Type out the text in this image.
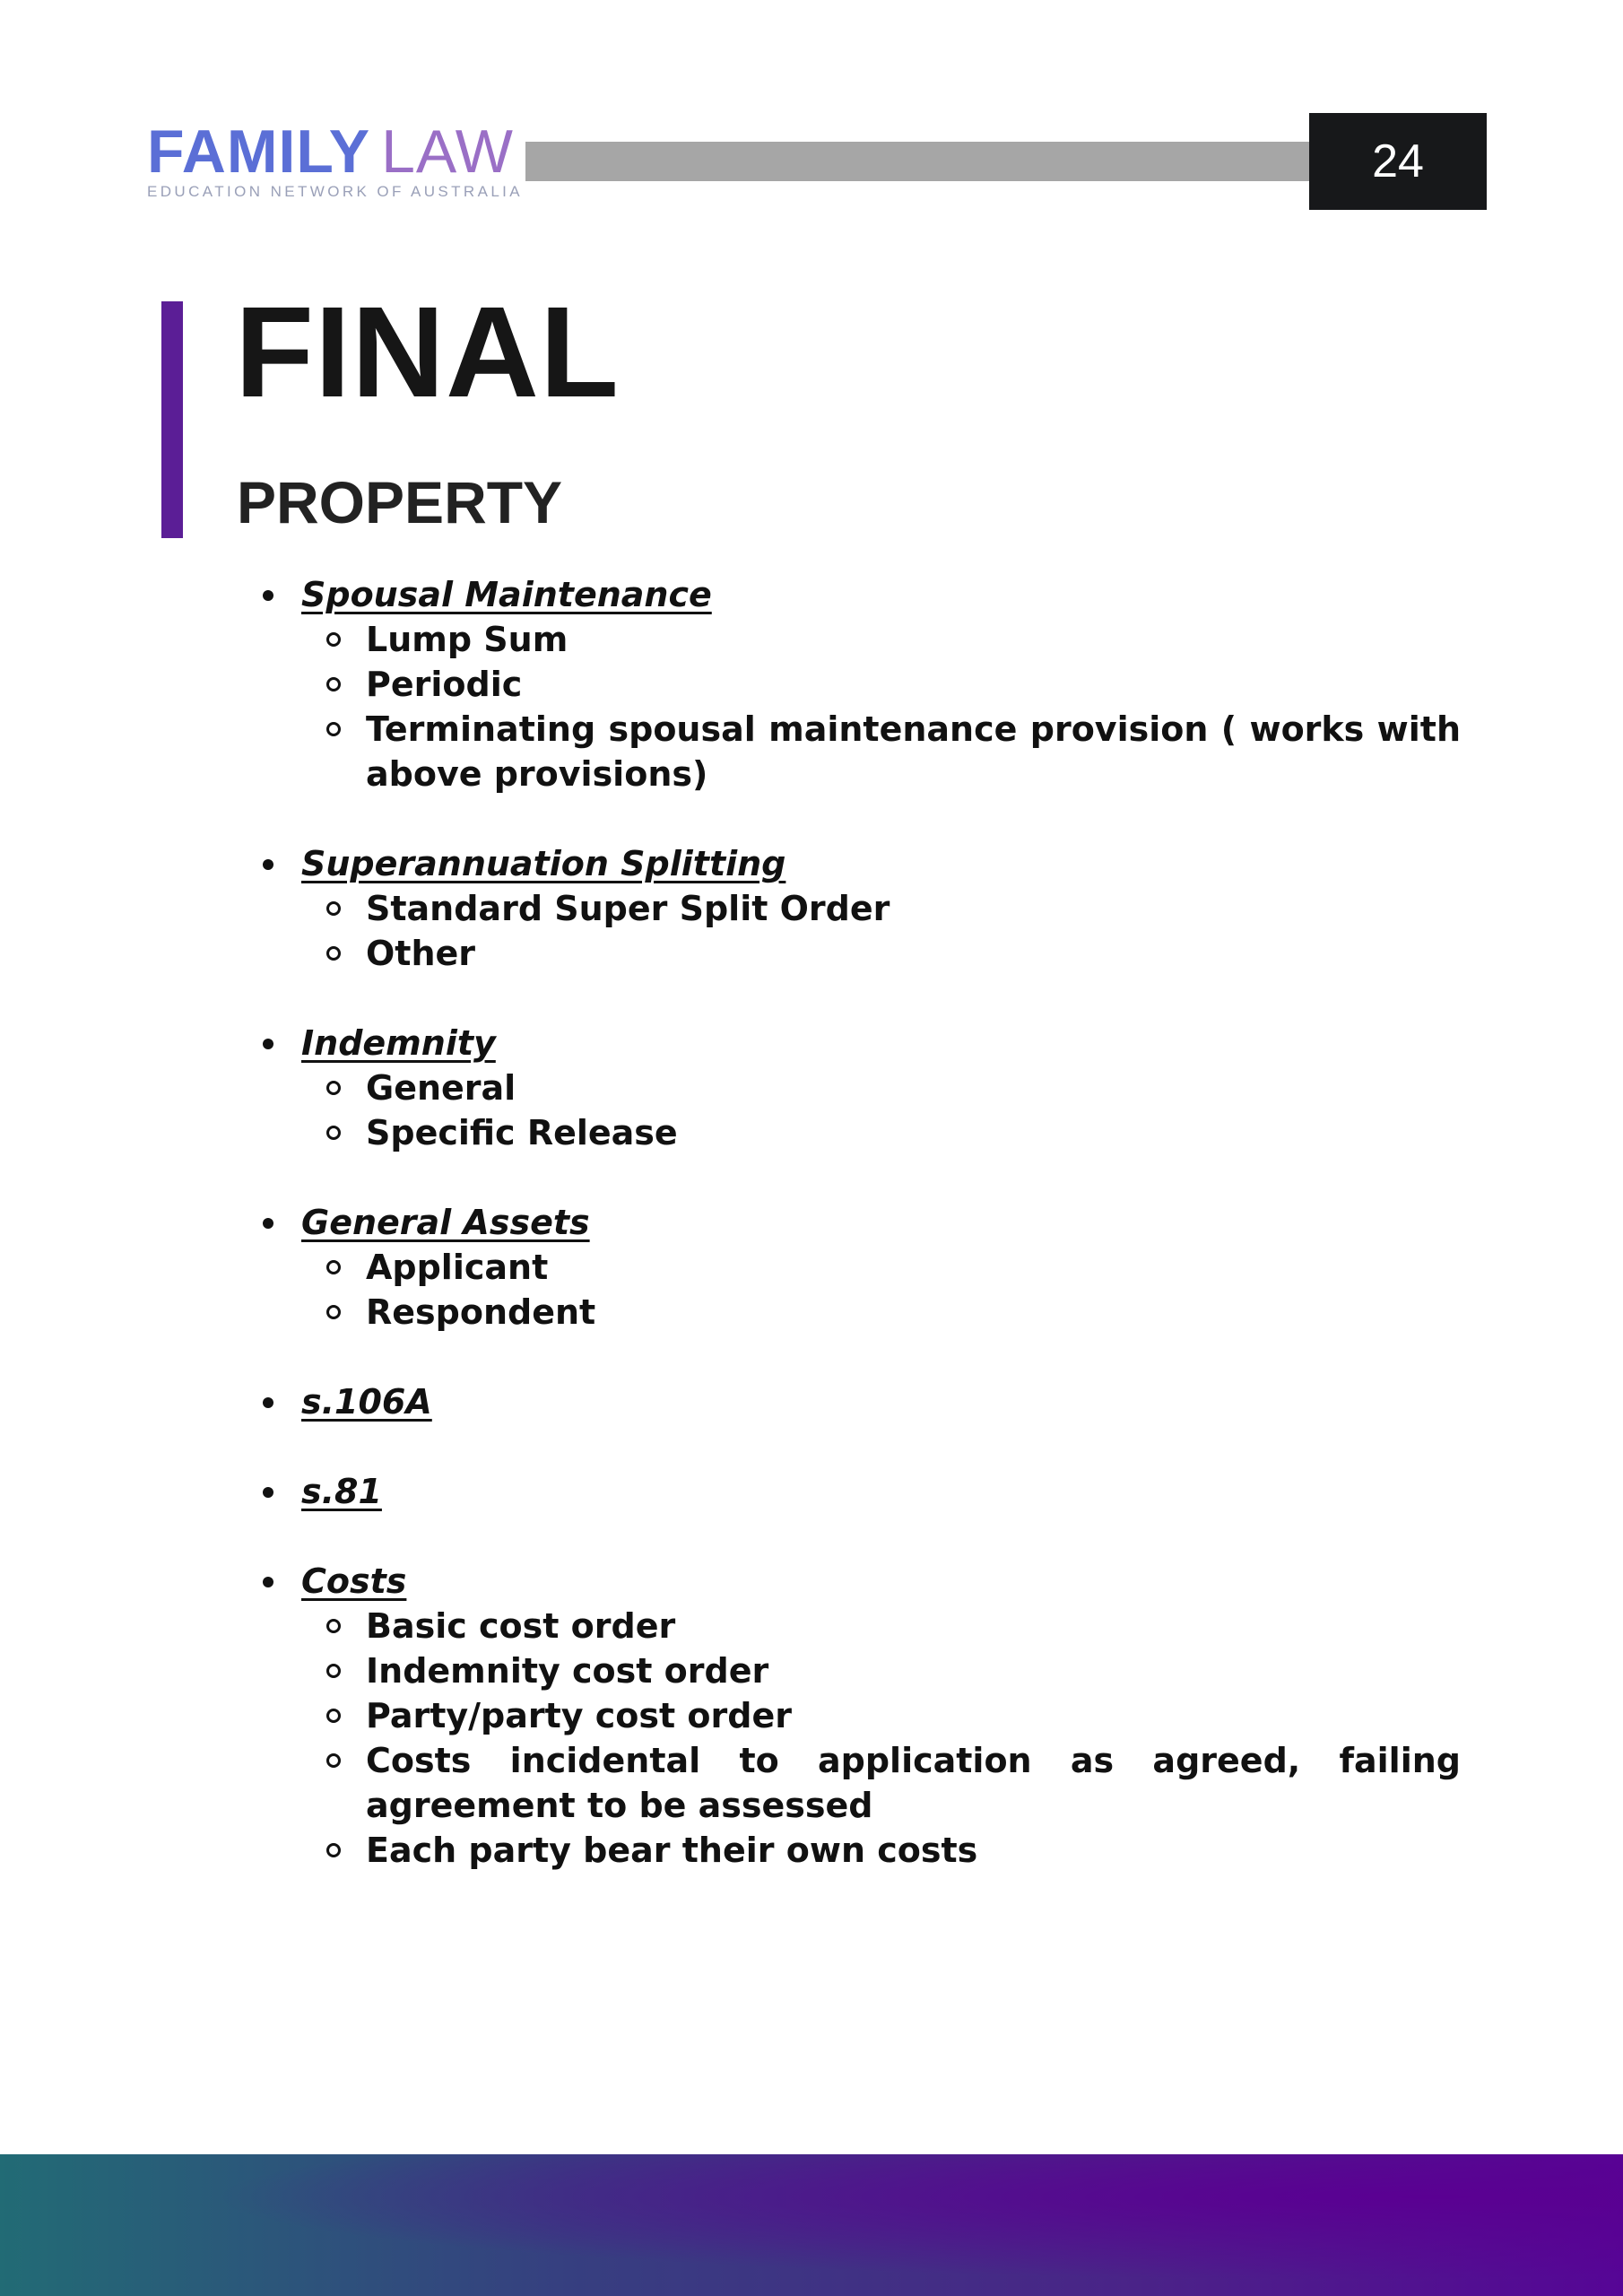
FAMILY LAW
EDUCATION NETWORK OF AUSTRALIA
24
FINAL
PROPERTY
Spousal Maintenance
Lump Sum
Periodic
Terminating spousal maintenance provision ( works with above provisions)
Superannuation Splitting
Standard Super Split Order
Other
Indemnity
General
Specific Release
General Assets
Applicant
Respondent
s.106A
s.81
Costs
Basic cost order
Indemnity cost order
Party/party cost order
Costs incidental to application as agreed, failing agreement to be assessed
Each party bear their own costs
